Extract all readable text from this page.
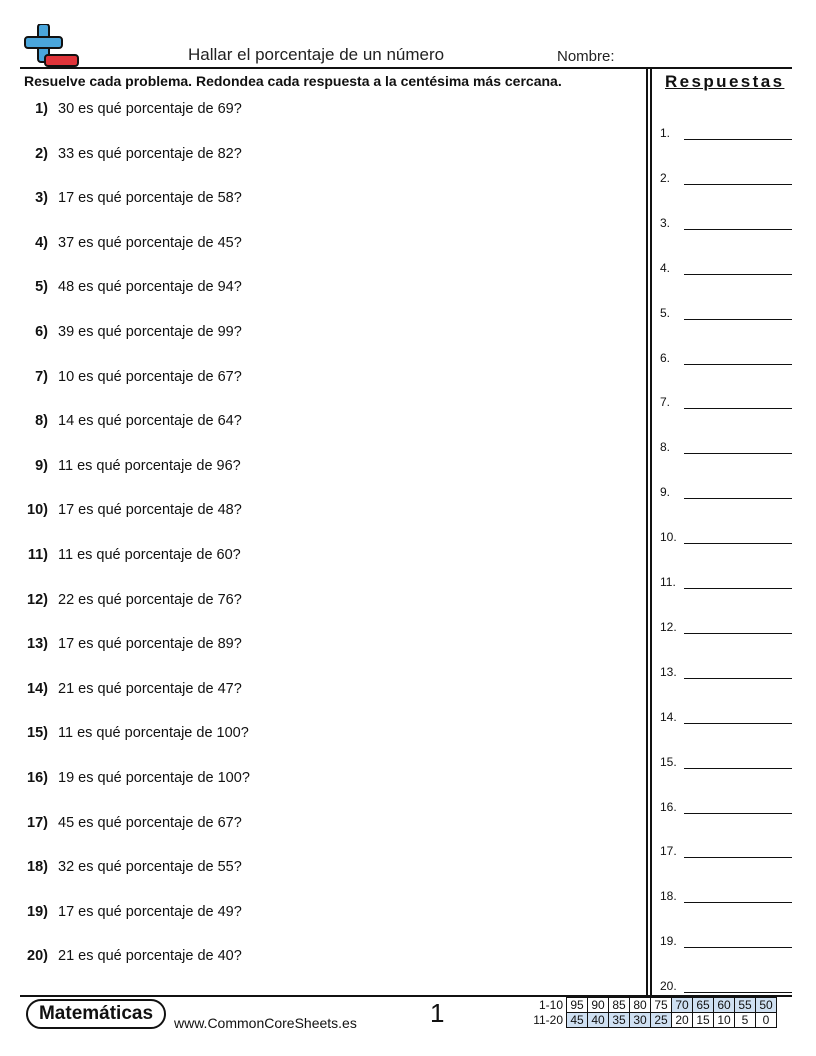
Hallar el porcentaje de un número	Nombre:
Resuelve cada problema. Redondea cada respuesta a la centésima más cercana.	Respuestas
1) 30 es qué porcentaje de 69?
2) 33 es qué porcentaje de 82?
3) 17 es qué porcentaje de 58?
4) 37 es qué porcentaje de 45?
5) 48 es qué porcentaje de 94?
6) 39 es qué porcentaje de 99?
7) 10 es qué porcentaje de 67?
8) 14 es qué porcentaje de 64?
9) 11 es qué porcentaje de 96?
10) 17 es qué porcentaje de 48?
11) 11 es qué porcentaje de 60?
12) 22 es qué porcentaje de 76?
13) 17 es qué porcentaje de 89?
14) 21 es qué porcentaje de 47?
15) 11 es qué porcentaje de 100?
16) 19 es qué porcentaje de 100?
17) 45 es qué porcentaje de 67?
18) 32 es qué porcentaje de 55?
19) 17 es qué porcentaje de 49?
20) 21 es qué porcentaje de 40?
1.
2.
3.
4.
5.
6.
7.
8.
9.
10.
11.
12.
13.
14.
15.
16.
17.
18.
19.
20.
Matemáticas	www.CommonCoreSheets.es	1	1-10	95	90	85	80	75	70	65	60	55	50
11-20	45	40	35	30	25	20	15	10	5	0
